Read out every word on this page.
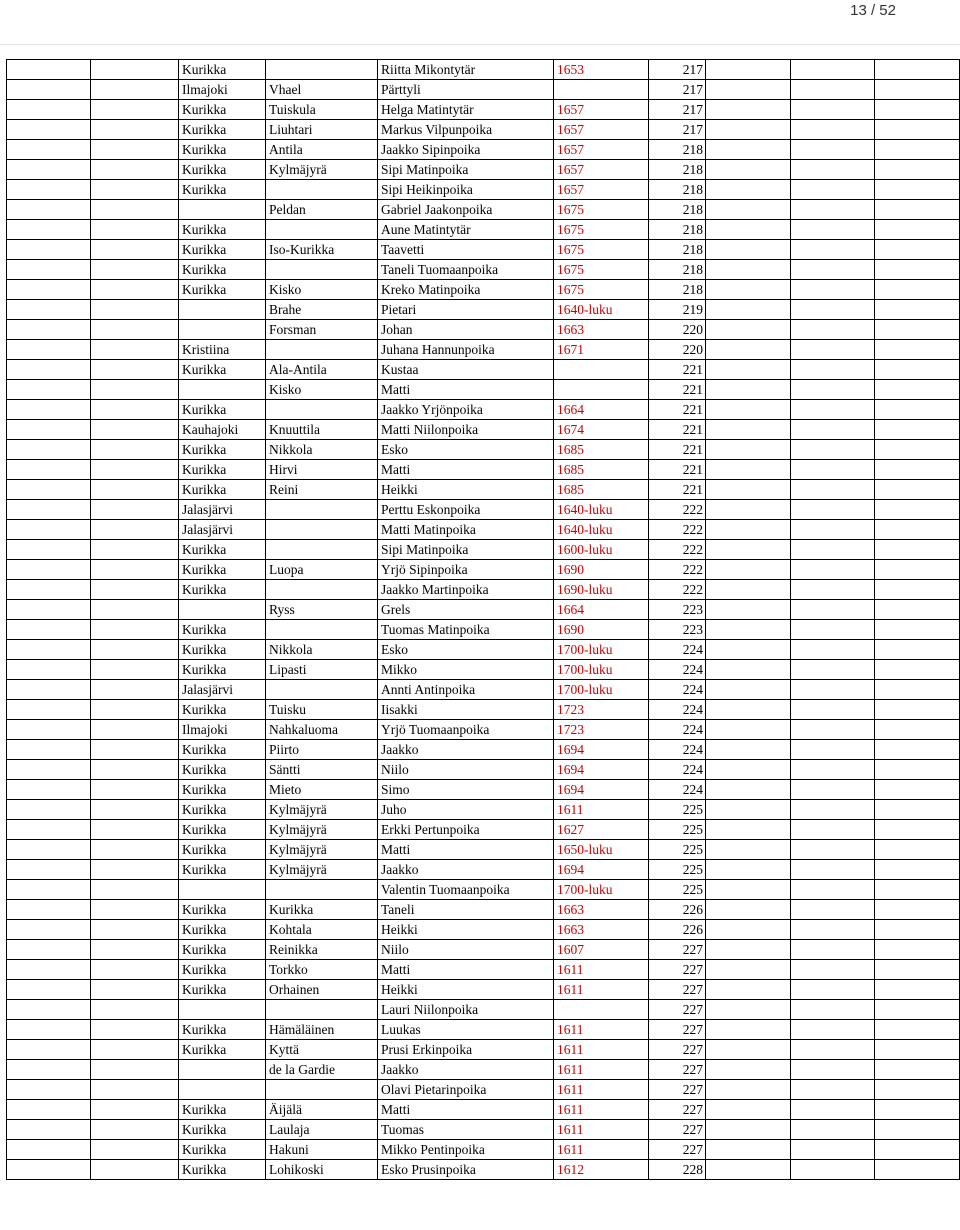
13 / 52
		Kurikka		Riitta Mikontytär	1653	217			
		Ilmajoki	Vhael	Pärttyli		217			
		Kurikka	Tuiskula	Helga Matintytär	1657	217			
		Kurikka	Liuhtari	Markus Vilpunpoika	1657	217			
		Kurikka	Antila	Jaakko Sipinpoika	1657	218			
		Kurikka	Kylmäjyrä	Sipi Matinpoika	1657	218			
		Kurikka		Sipi Heikinpoika	1657	218			
			Peldan	Gabriel Jaakonpoika	1675	218			
		Kurikka		Aune Matintytär	1675	218			
		Kurikka	Iso-Kurikka	Taavetti	1675	218			
		Kurikka		Taneli Tuomaanpoika	1675	218			
		Kurikka	Kisko	Kreko Matinpoika	1675	218			
			Brahe	Pietari	1640-luku	219			
			Forsman	Johan	1663	220			
		Kristiina		Juhana Hannunpoika	1671	220			
		Kurikka	Ala-Antila	Kustaa		221			
			Kisko	Matti		221			
		Kurikka		Jaakko Yrjönpoika	1664	221			
		Kauhajoki	Knuuttila	Matti Niilonpoika	1674	221			
		Kurikka	Nikkola	Esko	1685	221			
		Kurikka	Hirvi	Matti	1685	221			
		Kurikka	Reini	Heikki	1685	221			
		Jalasjärvi		Perttu Eskonpoika	1640-luku	222			
		Jalasjärvi		Matti Matinpoika	1640-luku	222			
		Kurikka		Sipi Matinpoika	1600-luku	222			
		Kurikka	Luopa	Yrjö Sipinpoika	1690	222			
		Kurikka		Jaakko Martinpoika	1690-luku	222			
			Ryss	Grels	1664	223			
		Kurikka		Tuomas Matinpoika	1690	223			
		Kurikka	Nikkola	Esko	1700-luku	224			
		Kurikka	Lipasti	Mikko	1700-luku	224			
		Jalasjärvi		Annti Antinpoika	1700-luku	224			
		Kurikka	Tuisku	Iisakki	1723	224			
		Ilmajoki	Nahkaluoma	Yrjö Tuomaanpoika	1723	224			
		Kurikka	Piirto	Jaakko	1694	224			
		Kurikka	Säntti	Niilo	1694	224			
		Kurikka	Mieto	Simo	1694	224			
		Kurikka	Kylmäjyrä	Juho	1611	225			
		Kurikka	Kylmäjyrä	Erkki Pertunpoika	1627	225			
		Kurikka	Kylmäjyrä	Matti	1650-luku	225			
		Kurikka	Kylmäjyrä	Jaakko	1694	225			
				Valentin Tuomaanpoika	1700-luku	225			
		Kurikka	Kurikka	Taneli	1663	226			
		Kurikka	Kohtala	Heikki	1663	226			
		Kurikka	Reinikka	Niilo	1607	227			
		Kurikka	Torkko	Matti	1611	227			
		Kurikka	Orhainen	Heikki	1611	227			
				Lauri Niilonpoika		227			
		Kurikka	Hämäläinen	Luukas	1611	227			
		Kurikka	Kyttä	Prusi Erkinpoika	1611	227			
			de la Gardie	Jaakko	1611	227			
				Olavi Pietarinpoika	1611	227			
		Kurikka	Äijälä	Matti	1611	227			
		Kurikka	Laulaja	Tuomas	1611	227			
		Kurikka	Hakuni	Mikko Pentinpoika	1611	227			
		Kurikka	Lohikoski	Esko Prusinpoika	1612	228			
